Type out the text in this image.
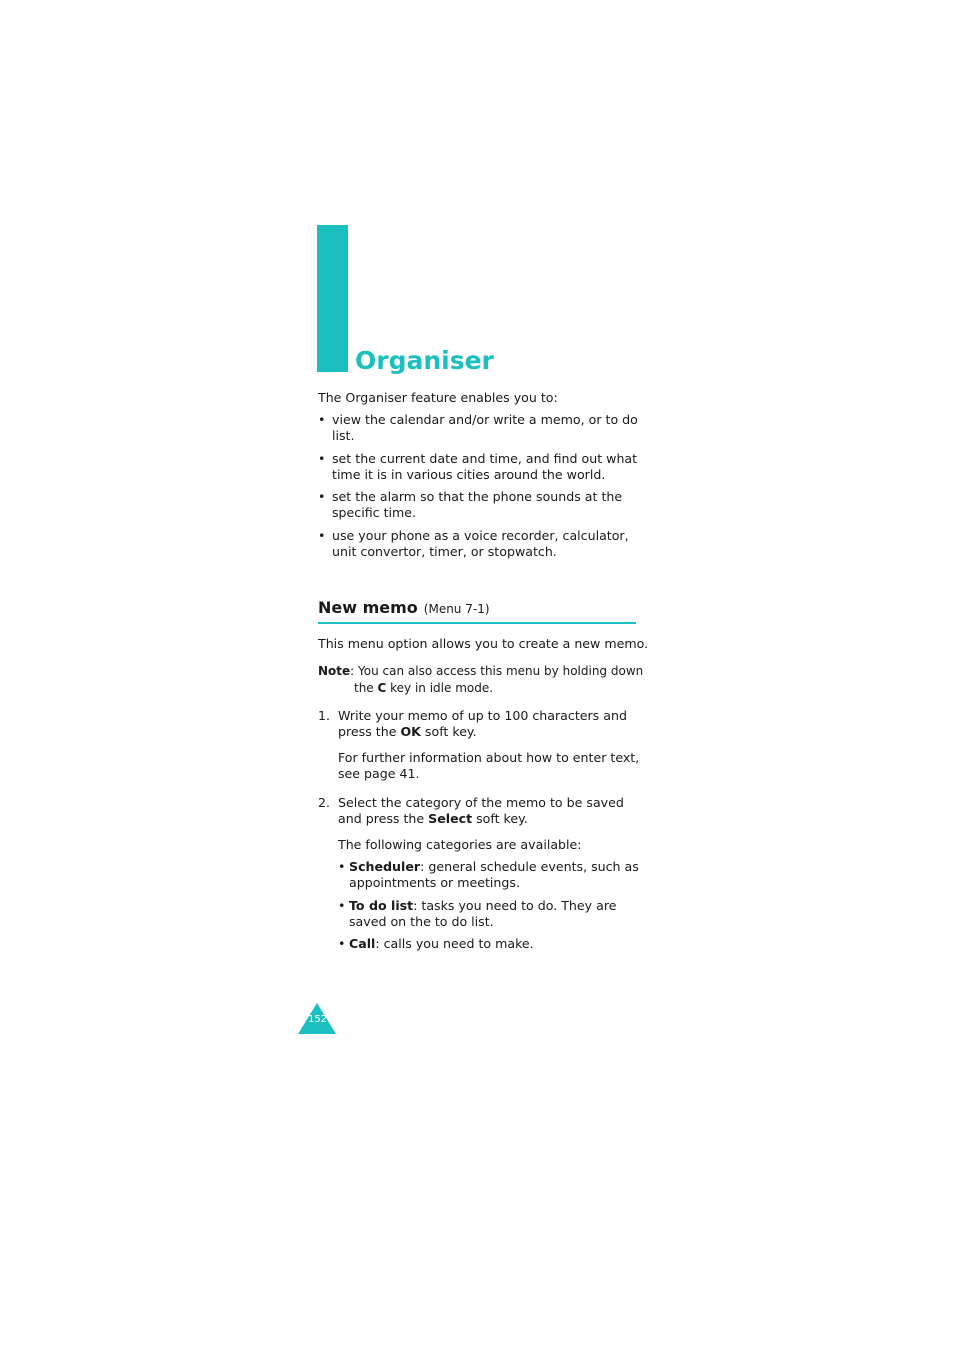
Organiser
The Organiser feature enables you to:
• view the calendar and/or write a memo, or to do
list.
• set the current date and time, and find out what
time it is in various cities around the world.
• set the alarm so that the phone sounds at the
specific time.
• use your phone as a voice recorder, calculator,
unit convertor, timer, or stopwatch.
New memo (Menu 7-1)
This menu option allows you to create a new memo.
Note: You can also access this menu by holding down
the C key in idle mode.
1. Write your memo of up to 100 characters and
press the OK soft key.
For further information about how to enter text,
see page 41.
2. Select the category of the memo to be saved
and press the Select soft key.
The following categories are available:
• Scheduler: general schedule events, such as
appointments or meetings.
• To do list: tasks you need to do. They are
saved on the to do list.
• Call: calls you need to make.
152
